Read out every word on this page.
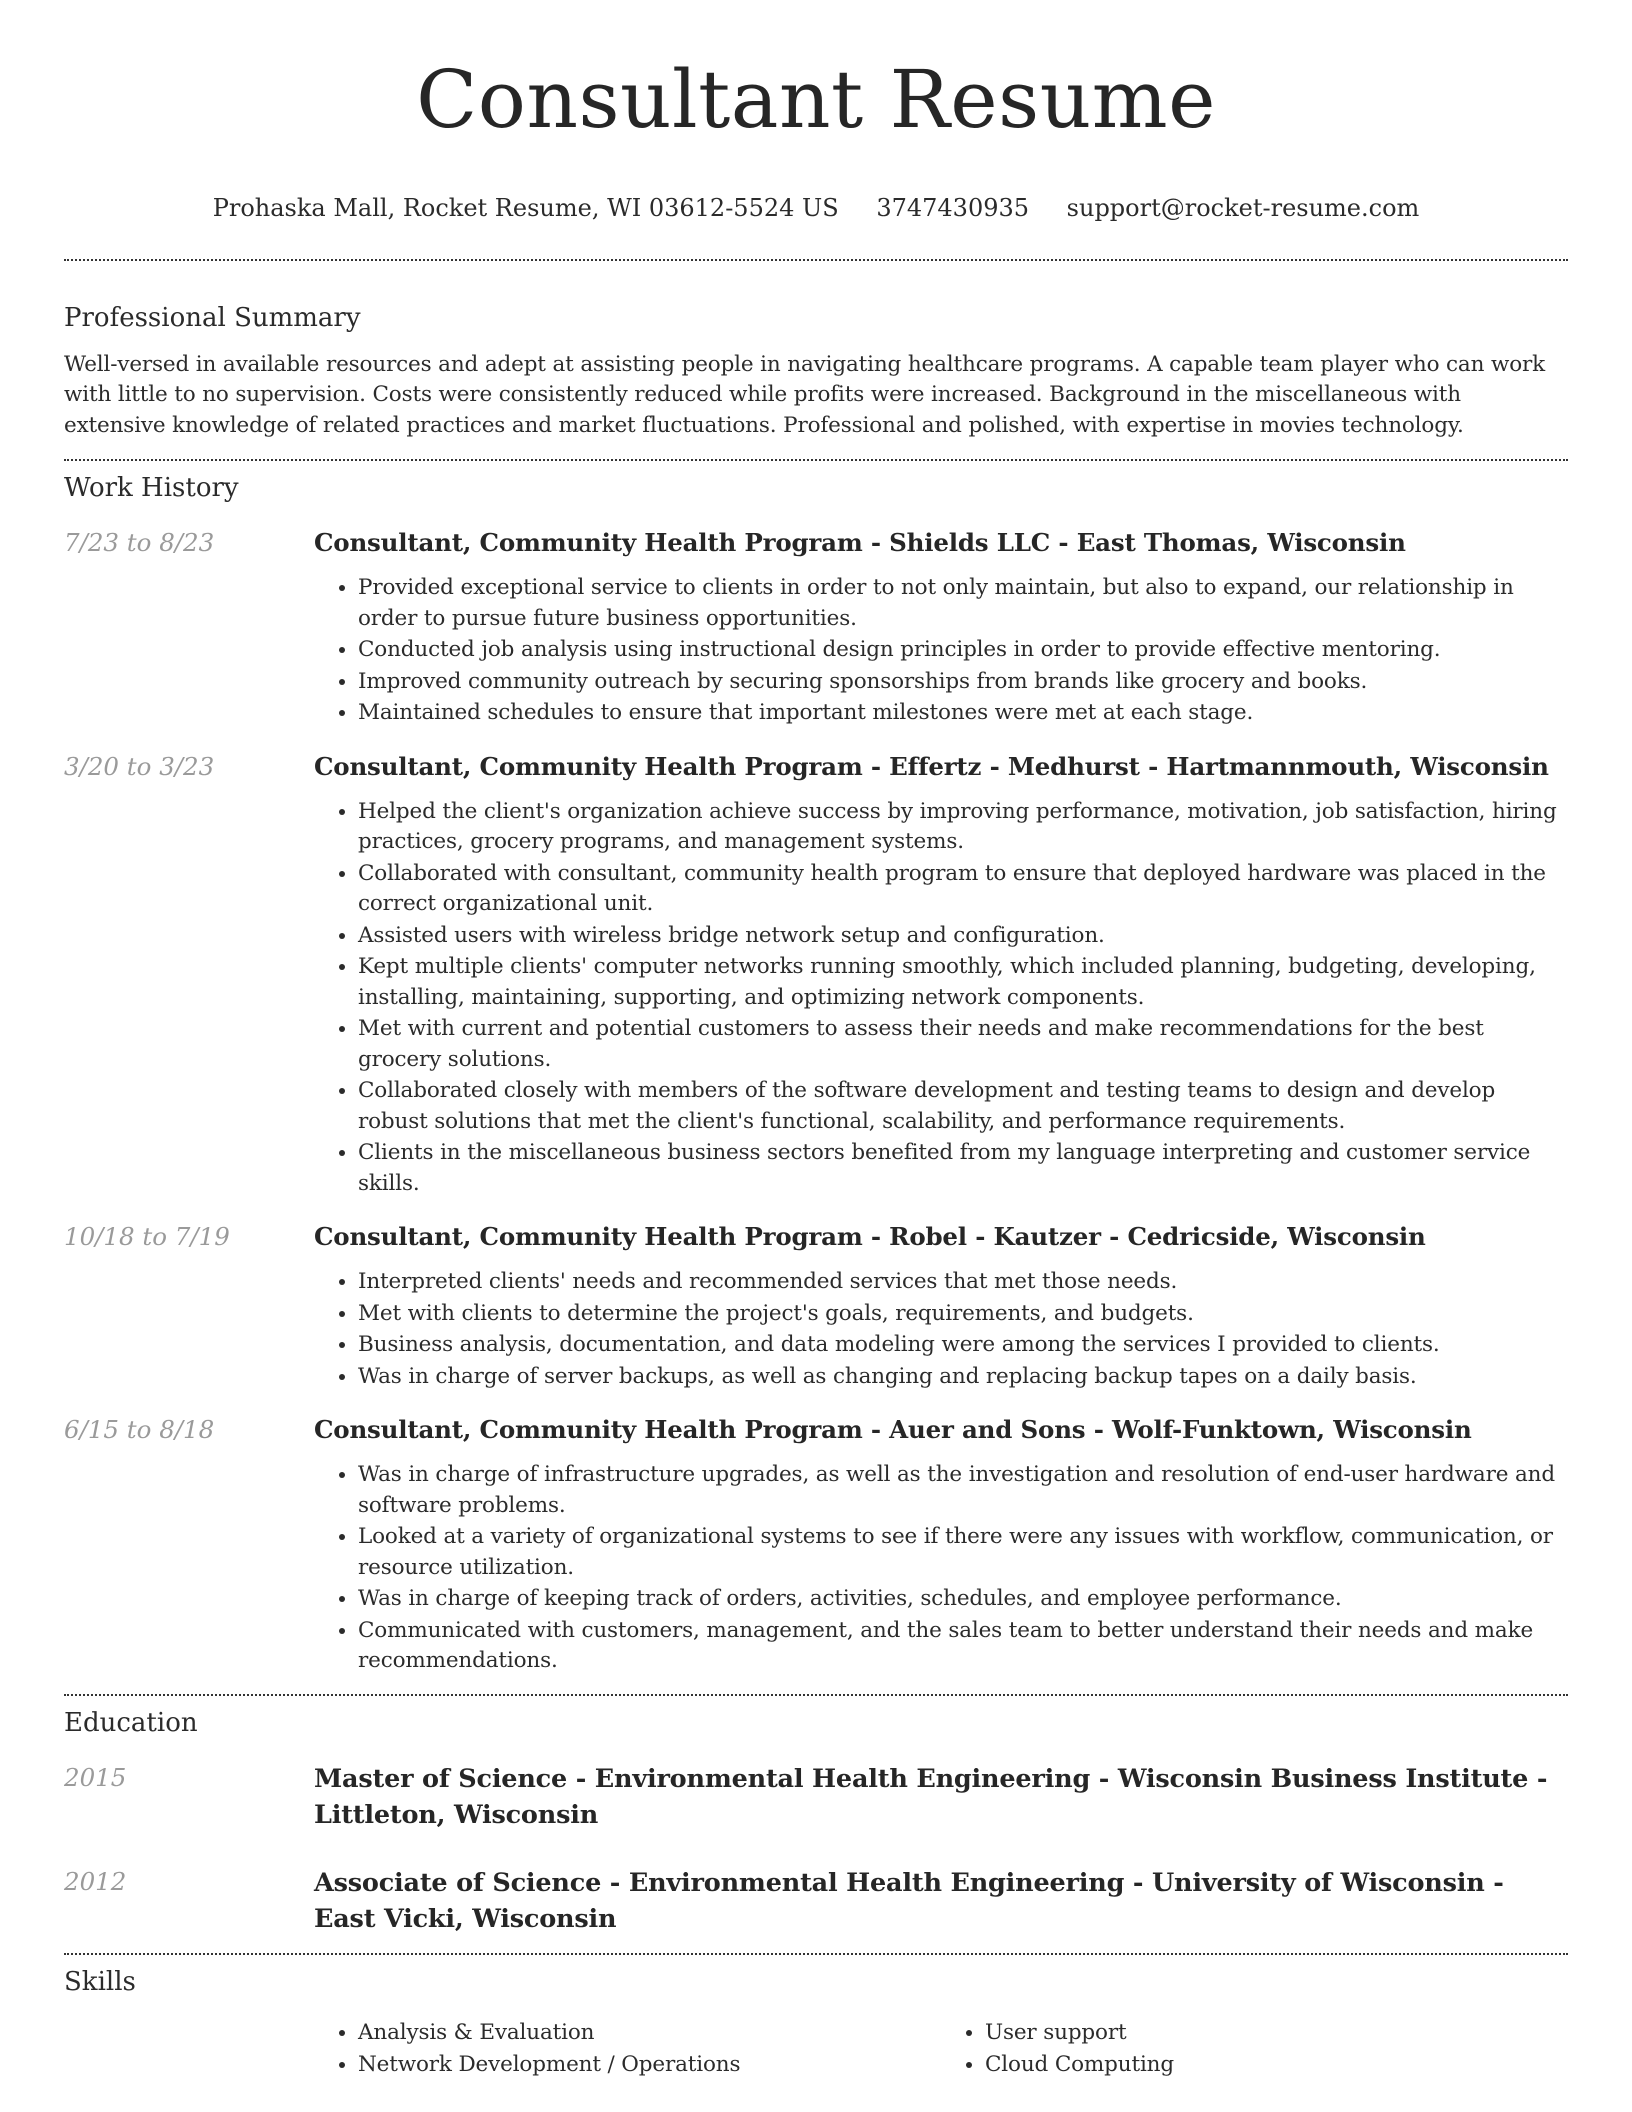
Consultant Resume
Prohaska Mall, Rocket Resume, WI 03612-5524 US 3747430935 support@rocket-resume.com
Professional Summary

Well-versed in available resources and adept at assisting people in navigating healthcare programs. A capable team player who can work with little to no supervision. Costs were consistently reduced while profits were increased. Background in the miscellaneous with extensive knowledge of related practices and market fluctuations. Professional and polished, with expertise in movies technology.

Work History
7/23 to 8/23	Consultant, Community Health Program - Shields LLC - East Thomas, Wisconsin
• Provided exceptional service to clients in order to not only maintain, but also to expand, our relationship in order to pursue future business opportunities.
• Conducted job analysis using instructional design principles in order to provide effective mentoring.
• Improved community outreach by securing sponsorships from brands like grocery and books.
• Maintained schedules to ensure that important milestones were met at each stage.
3/20 to 3/23	Consultant, Community Health Program - Effertz - Medhurst - Hartmannmouth, Wisconsin
• Helped the client's organization achieve success by improving performance, motivation, job satisfaction, hiring practices, grocery programs, and management systems.
• Collaborated with consultant, community health program to ensure that deployed hardware was placed in the correct organizational unit.
• Assisted users with wireless bridge network setup and configuration.
• Kept multiple clients' computer networks running smoothly, which included planning, budgeting, developing, installing, maintaining, supporting, and optimizing network components.
• Met with current and potential customers to assess their needs and make recommendations for the best grocery solutions.
• Collaborated closely with members of the software development and testing teams to design and develop robust solutions that met the client's functional, scalability, and performance requirements.
• Clients in the miscellaneous business sectors benefited from my language interpreting and customer service skills.
10/18 to 7/19	Consultant, Community Health Program - Robel - Kautzer - Cedricside, Wisconsin
• Interpreted clients' needs and recommended services that met those needs.
• Met with clients to determine the project's goals, requirements, and budgets.
• Business analysis, documentation, and data modeling were among the services I provided to clients.
• Was in charge of server backups, as well as changing and replacing backup tapes on a daily basis.
6/15 to 8/18	Consultant, Community Health Program - Auer and Sons - Wolf-Funktown, Wisconsin
• Was in charge of infrastructure upgrades, as well as the investigation and resolution of end-user hardware and software problems.
• Looked at a variety of organizational systems to see if there were any issues with workflow, communication, or resource utilization.
• Was in charge of keeping track of orders, activities, schedules, and employee performance.
• Communicated with customers, management, and the sales team to better understand their needs and make recommendations.
Education
2015	Master of Science - Environmental Health Engineering - Wisconsin Business Institute - Littleton, Wisconsin
2012	Associate of Science - Environmental Health Engineering - University of Wisconsin - East Vicki, Wisconsin
Skills
• Analysis & Evaluation
• Network Development / Operations
• User support
• Cloud Computing
